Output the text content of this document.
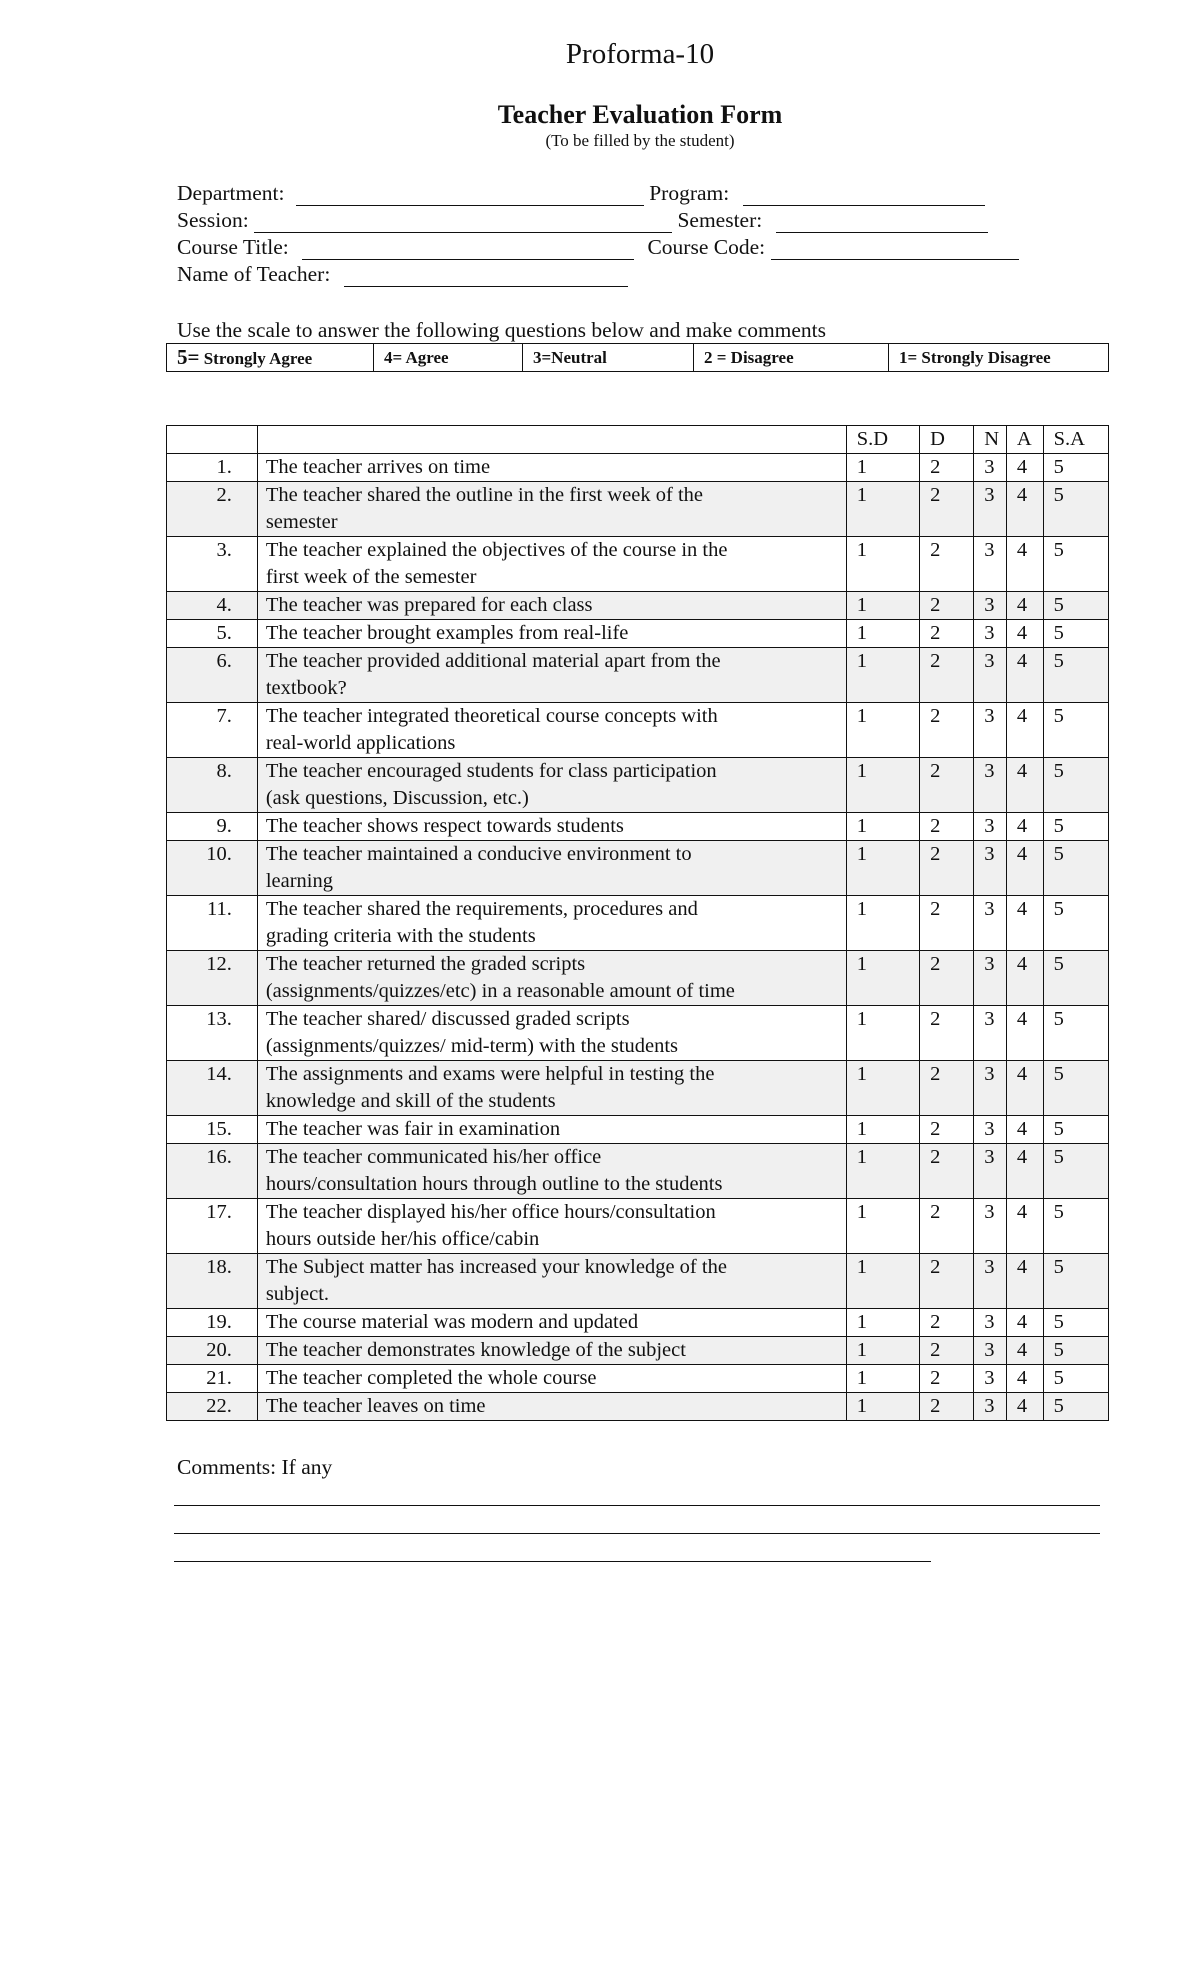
Proforma-10
Teacher Evaluation Form
(To be filled by the student)
Department:	Program:
Session:	Semester:
Course Title:	Course Code:
Name of Teacher:
Use the scale to answer the following questions below and make comments
5= Strongly Agree	4= Agree	3=Neutral	2 = Disagree	1= Strongly Disagree
		S.D	D	N	A	S.A
1.	The teacher arrives on time	1	2	3	4	5
2.	The teacher shared the outline in the first week of the
semester	1	2	3	4	5
3.	The teacher explained the objectives of the course in the
first week of the semester	1	2	3	4	5
4.	The teacher was prepared for each class	1	2	3	4	5
5.	The teacher brought examples from real-life	1	2	3	4	5
6.	The teacher provided additional material apart from the
textbook?	1	2	3	4	5
7.	The teacher integrated theoretical course concepts with
real-world applications	1	2	3	4	5
8.	The teacher encouraged students for class participation
(ask questions, Discussion, etc.)	1	2	3	4	5
9.	The teacher shows respect towards students	1	2	3	4	5
10.	The teacher maintained a conducive environment to
learning	1	2	3	4	5
11.	The teacher shared the requirements, procedures and
grading criteria with the students	1	2	3	4	5
12.	The teacher returned the graded scripts
(assignments/quizzes/etc) in a reasonable amount of time	1	2	3	4	5
13.	The teacher shared/ discussed graded scripts
(assignments/quizzes/ mid-term) with the students	1	2	3	4	5
14.	The assignments and exams were helpful in testing the
knowledge and skill of the students	1	2	3	4	5
15.	The teacher was fair in examination	1	2	3	4	5
16.	The teacher communicated his/her office
hours/consultation hours through outline to the students	1	2	3	4	5
17.	The teacher displayed his/her office hours/consultation
hours outside her/his office/cabin	1	2	3	4	5
18.	The Subject matter has increased your knowledge of the
subject.	1	2	3	4	5
19.	The course material was modern and updated	1	2	3	4	5
20.	The teacher demonstrates knowledge of the subject	1	2	3	4	5
21.	The teacher completed the whole course	1	2	3	4	5
22.	The teacher leaves on time	1	2	3	4	5
Comments: If any
